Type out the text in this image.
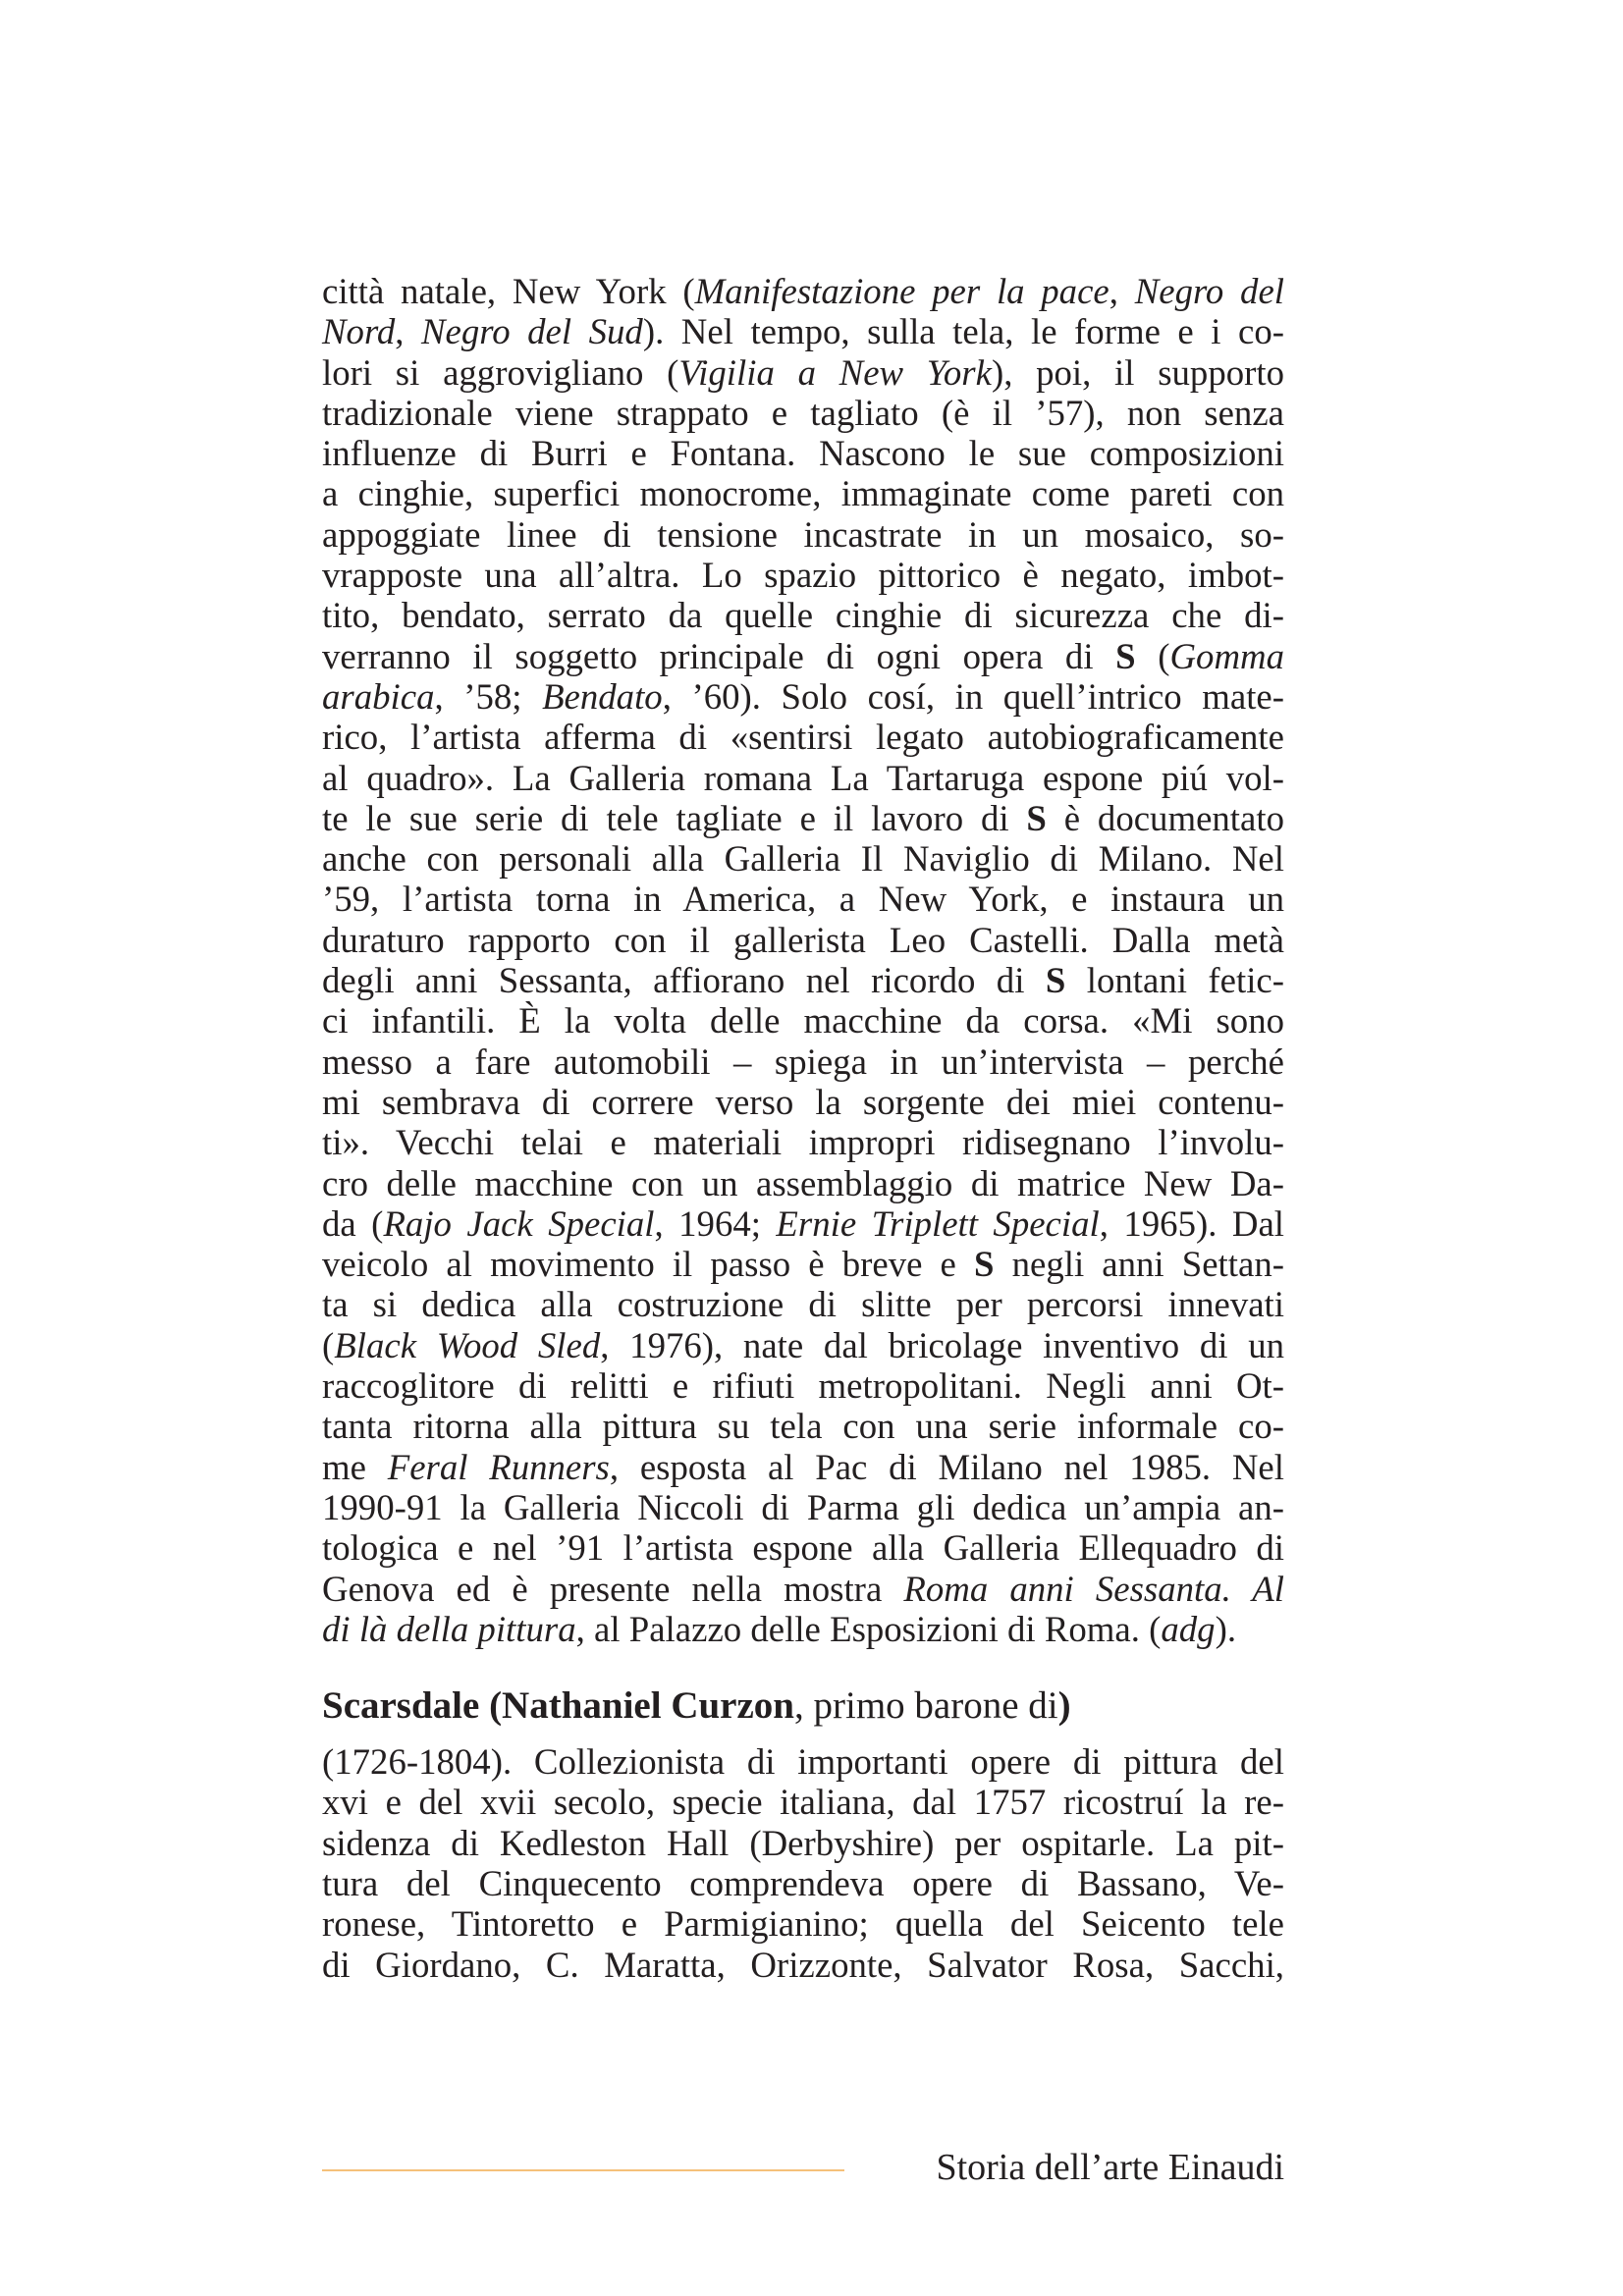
città natale, New York (Manifestazione per la pace, Negro del
Nord, Negro del Sud). Nel tempo, sulla tela, le forme e i co-
lori si aggrovigliano (Vigilia a New York), poi, il supporto
tradizionale viene strappato e tagliato (è il ’57), non senza
influenze di Burri e Fontana. Nascono le sue composizioni
a cinghie, superfici monocrome, immaginate come pareti con
appoggiate linee di tensione incastrate in un mosaico, so-
vrapposte una all’altra. Lo spazio pittorico è negato, imbot-
tito, bendato, serrato da quelle cinghie di sicurezza che di-
verranno il soggetto principale di ogni opera di S (Gomma
arabica, ’58; Bendato, ’60). Solo cosí, in quell’intrico mate-
rico, l’artista afferma di «sentirsi legato autobiograficamente
al quadro». La Galleria romana La Tartaruga espone piú vol-
te le sue serie di tele tagliate e il lavoro di S è documentato
anche con personali alla Galleria Il Naviglio di Milano. Nel
’59, l’artista torna in America, a New York, e instaura un
duraturo rapporto con il gallerista Leo Castelli. Dalla metà
degli anni Sessanta, affiorano nel ricordo di S lontani fetic-
ci infantili. È la volta delle macchine da corsa. «Mi sono
messo a fare automobili – spiega in un’intervista – perché
mi sembrava di correre verso la sorgente dei miei contenu-
ti». Vecchi telai e materiali impropri ridisegnano l’involu-
cro delle macchine con un assemblaggio di matrice New Da-
da (Rajo Jack Special, 1964; Ernie Triplett Special, 1965). Dal
veicolo al movimento il passo è breve e S negli anni Settan-
ta si dedica alla costruzione di slitte per percorsi innevati
(Black Wood Sled, 1976), nate dal bricolage inventivo di un
raccoglitore di relitti e rifiuti metropolitani. Negli anni Ot-
tanta ritorna alla pittura su tela con una serie informale co-
me Feral Runners, esposta al Pac di Milano nel 1985. Nel
1990-91 la Galleria Niccoli di Parma gli dedica un’ampia an-
tologica e nel ’91 l’artista espone alla Galleria Ellequadro di
Genova ed è presente nella mostra Roma anni Sessanta. Al
di là della pittura, al Palazzo delle Esposizioni di Roma. (adg).
Scarsdale (Nathaniel Curzon, primo barone di)
(1726-1804). Collezionista di importanti opere di pittura del
xvi e del xvii secolo, specie italiana, dal 1757 ricostruí la re-
sidenza di Kedleston Hall (Derbyshire) per ospitarle. La pit-
tura del Cinquecento comprendeva opere di Bassano, Ve-
ronese, Tintoretto e Parmigianino; quella del Seicento tele
di Giordano, C. Maratta, Orizzonte, Salvator Rosa, Sacchi,
Storia dell’arte Einaudi
